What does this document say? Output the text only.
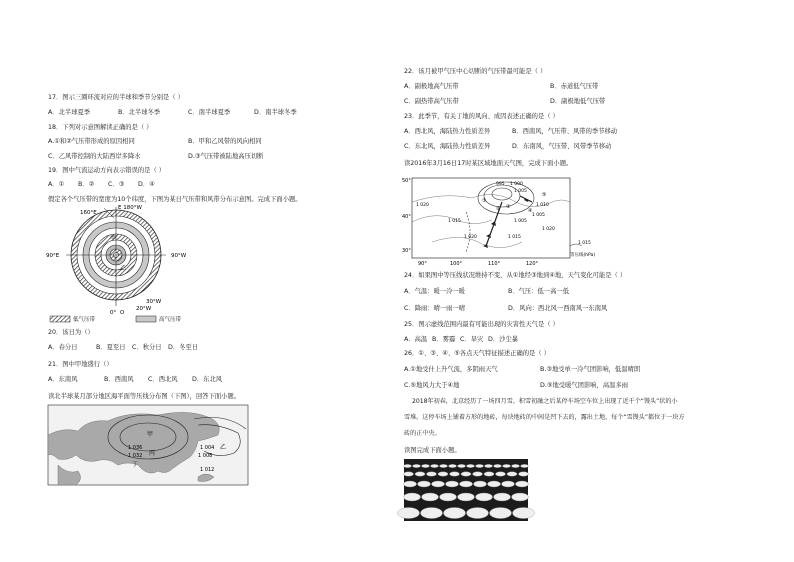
17．图示三圈环流对应的半球和季节分别是（ ）
A．北半球夏季	B．北半球冬季	C．南半球夏季	D．南半球冬季
18．下列对示意图解读正确的是（ ）
A.①和②气压带形成的原因相同	B．甲和乙风带的风向相同
C．乙风带控制的大陆西岸多降水	D.③气压带被陆地高压切断
19．图中气流运动方向表示错误的是（ ）
A．① B．② C．③ D．④
假定各个气压带的宽度为10个纬度，下图为某日气压带和风带分布示意图。完成下面小题。
160°E
E 180°W
90°E	90°W
甲
乙
20°W
0°
30°W
O
低气压带	高气压带
20．该日为（）
A．春分日	B．夏至日 C．秋分日 D．冬至日
21．图中甲地盛行（）
A．东南风	B．西南风 C．西北风 D．东北风
读北半球某月部分地区海平面等压线分布图（下图），回答下面小题。
甲
1 036
1 032 丙
丁
1 004 乙
1 008
1 012
22．该月被甲气压中心切断的气压带最可能是（ ）
A．副极地高气压带	B．赤道低气压带
C．副热带高气压带	D．副极地低气压带
23．此季节，有关丁地的风向、成因表述正确的是（ ）
A．西北风，海陆热力性质差异	B．西南风，气压带、风带的季节移动
C．东北风，海陆热力性质差异	D．东南风，气压带、风带季节移动
读2016年3月16日17时某区域地面天气图，完成下面小题。
50°
40°
30°
90°	100°	110°	120°
1 020
1 015
1 020
995 1 000
1 005
1 010
1 005
1 005
1 015
1 020
①
② ③
④
⑤
1 015
等压线(hPa)
24．如果图中等压线状况维持不变，从①地经③地到④地，天气变化可能是（ ）
A．气温：暖一冷一暖	B．气压：低一高一低
C．降雨：晴一雨一晴	D．风向：西北风一西南风一东南风
25．图示虚线范围内最有可能出现的灾害性天气是（ ）
A．高温 B．雾霾 C．旱灾 D．沙尘暴
26．①、③、④、⑤各点天气特征描述正确的是（ ）
A.①地受什上升气流，多阴雨天气	B.③地受单一冷气团影响，低温晴朗
C.⑤地风力大于④地	D.⑤地受暖气团影响，高温多雨
2018年初春，北京经历了一场四月雪，积雪初融之后某停车场空车位上出现了近千个“馒头”状的小
雪堆。这停车场上铺着方形的地砖，每块地砖的中间是凹下去的，露出土地，每个“雪馒头”都位于一块方
砖的正中央。
读图完成下面小题。
